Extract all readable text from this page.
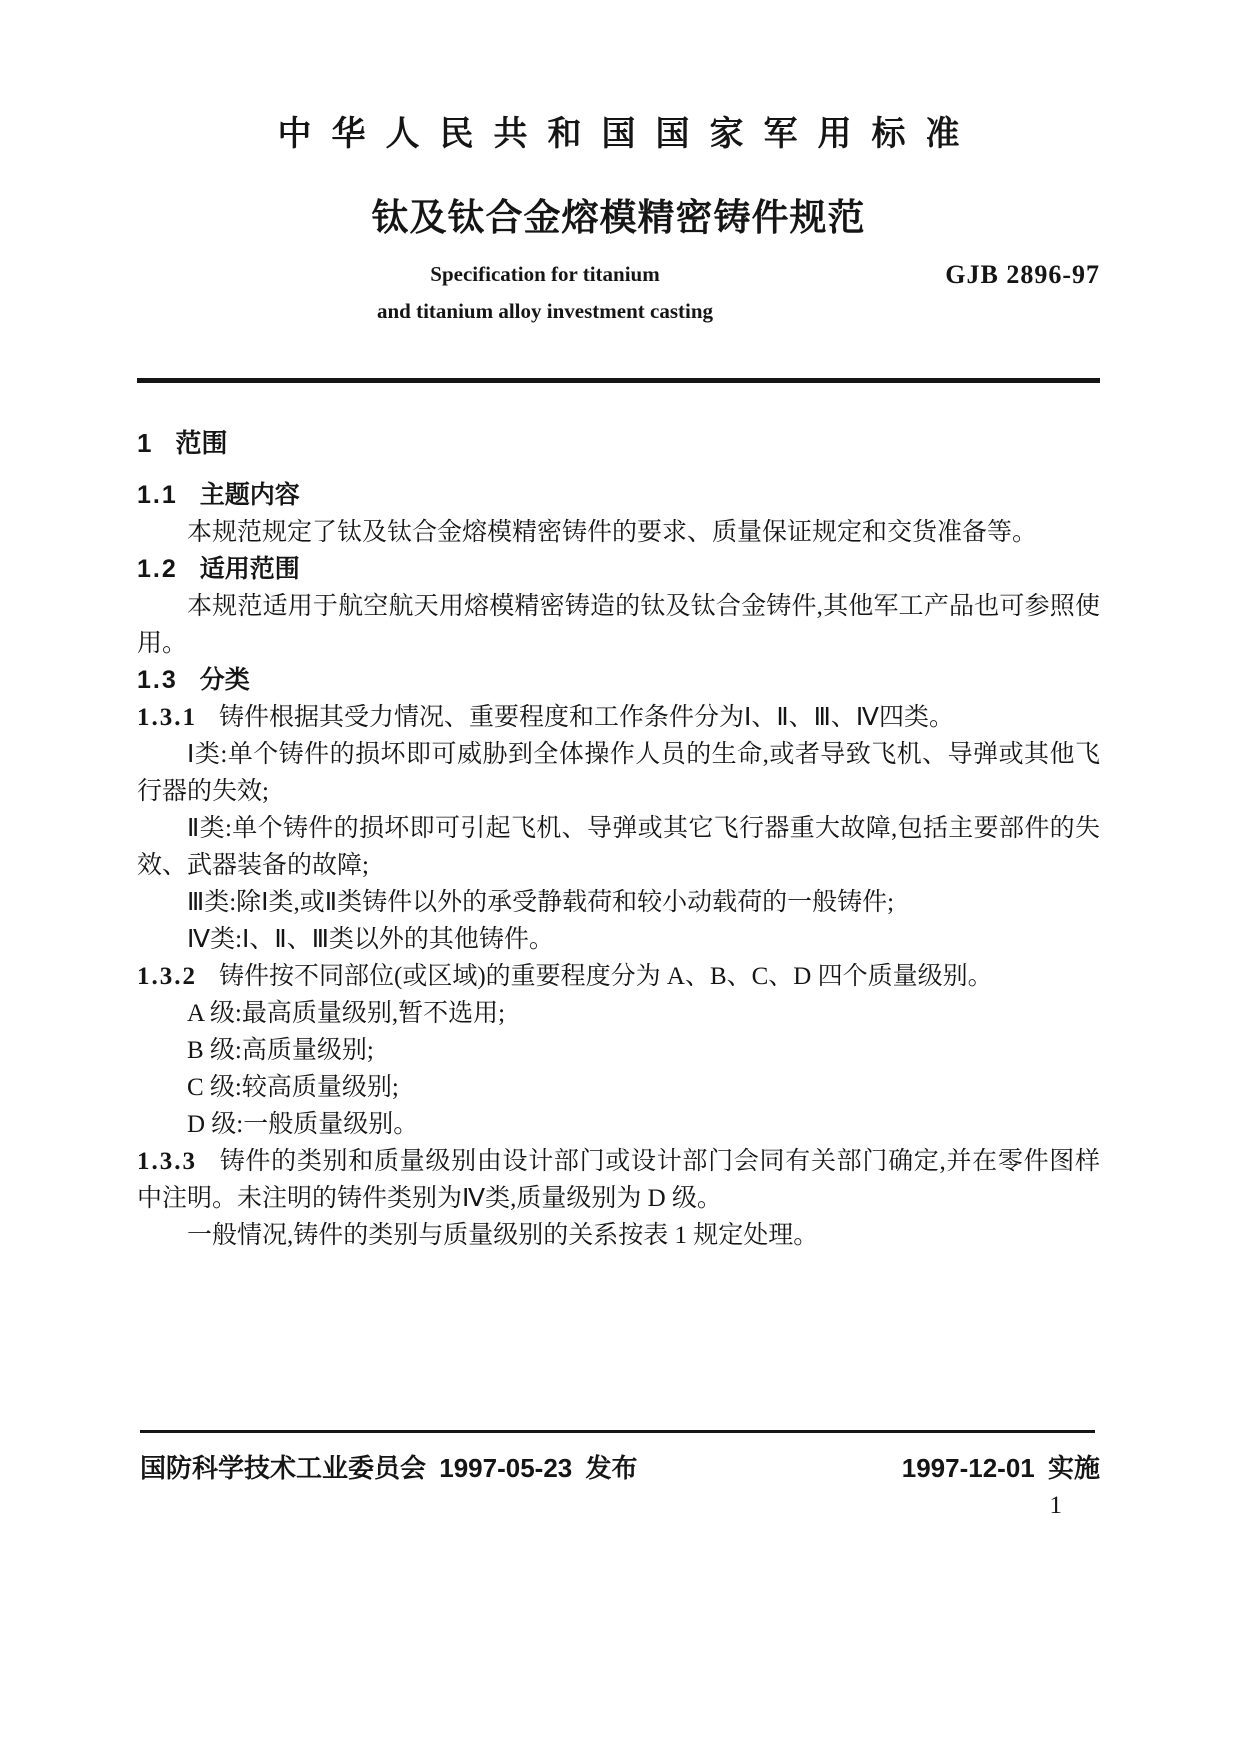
中华人民共和国国家军用标准
钛及钛合金熔模精密铸件规范
Specification for titanium
and titanium alloy investment casting
GJB 2896-97

1 范围

1.1 主题内容

本规范规定了钛及钛合金熔模精密铸件的要求、质量保证规定和交货准备等。

1.2 适用范围

本规范适用于航空航天用熔模精密铸造的钛及钛合金铸件,其他军工产品也可参照使用。

1.3 分类

1.3.1 铸件根据其受力情况、重要程度和工作条件分为Ⅰ、Ⅱ、Ⅲ、Ⅳ四类。

Ⅰ类:单个铸件的损坏即可威胁到全体操作人员的生命,或者导致飞机、导弹或其他飞行器的失效;

Ⅱ类:单个铸件的损坏即可引起飞机、导弹或其它飞行器重大故障,包括主要部件的失效、武器装备的故障;

Ⅲ类:除Ⅰ类,或Ⅱ类铸件以外的承受静载荷和较小动载荷的一般铸件;

Ⅳ类:Ⅰ、Ⅱ、Ⅲ类以外的其他铸件。

1.3.2 铸件按不同部位(或区域)的重要程度分为 A、B、C、D 四个质量级别。

A 级:最高质量级别,暂不选用;

B 级:高质量级别;

C 级:较高质量级别;

D 级:一般质量级别。

1.3.3 铸件的类别和质量级别由设计部门或设计部门会同有关部门确定,并在零件图样中注明。未注明的铸件类别为Ⅳ类,质量级别为 D 级。

一般情况,铸件的类别与质量级别的关系按表 1 规定处理。

国防科学技术工业委员会 1997-05-23 发布	1997-12-01 实施
1
